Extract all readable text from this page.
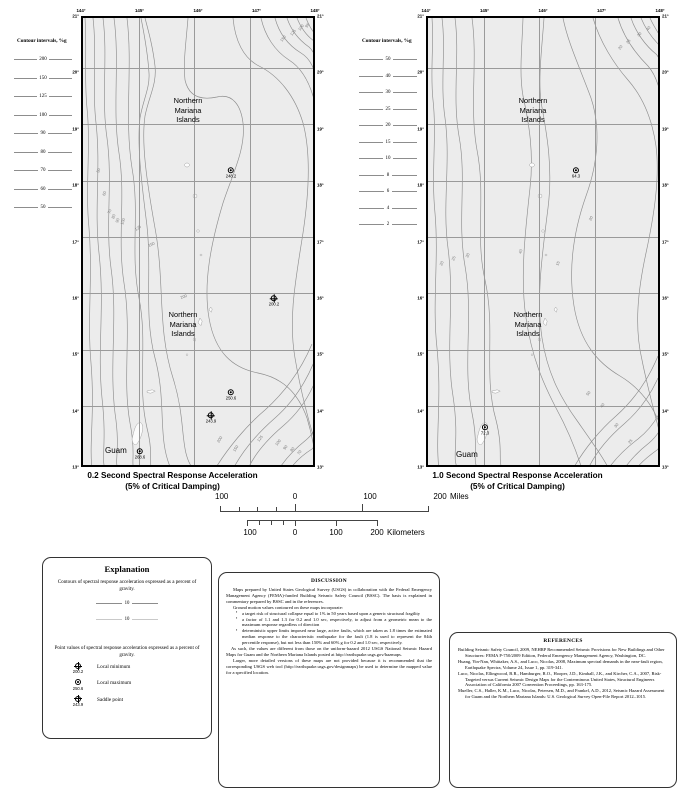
Contour intervals, %g
200
150
125
100
90
80
70
60
50
Northern
Mariana
Islands
Northern
Mariana
Islands
Guam
248.2
200.2
250.6
243.9
268.6
150
125
100
95
50
60
70
80
90
100
125
150
200
200
150
125 100
90 80 70
144°	145°	146°	147°	148°
21°
20°
19°
18°
17°
16°
15°
14°
13°
21°
20°
19°
18°
17°
16°
15°
14°
13°
0.2 Second Spectral Response Acceleration
(5% of Critical Damping)
Contour intervals, %g
50
40
30
25
20
15
10
8
6
4
2
Northern
Mariana
Islands
Northern
Mariana
Islands
Guam
64.3
72.3
20
25
30
40
20
25 30
40
15
20
50
40
30
25
144°	145°	146°	147°	148°
21°
20°
19°
18°
17°
16°
15°
14°
13°
21°
20°
19°
18°
17°
16°
15°
14°
13°
1.0 Second Spectral Response Acceleration
(5% of Critical Damping)
100	0	100	200 Miles
100	0	100	200 Kilometers
Explanation
Contours of spectral response acceleration expressed as a percent of gravity.
10
10
Point values of spectral response acceleration expressed as a percent of gravity.
200.2
Local minimum
250.6
Local maximum
243.9
Saddle point
DISCUSSION

Maps prepared by United States Geological Survey (USGS) in collaboration with the Federal Emergency Management Agency (FEMA)-funded Building Seismic Safety Council (BSSC). The basis is explained in commentary prepared by BSSC and in the references.

Ground motion values contoured on these maps incorporate:

▪ a target risk of structural collapse equal to 1% in 50 years based upon a generic structural fragility
▪ a factor of 1.1 and 1.3 for 0.2 and 1.0 sec, respectively, to adjust from a geometric mean to the maximum response regardless of direction
▪ deterministic upper limits imposed near large, active faults, which are taken as 1.8 times the estimated median response to the characteristic earthquake for the fault (1.8 is used to represent the 84th percentile response), but not less than 150% and 60% g for 0.2 and 1.0 sec, respectively.

As such, the values are different from those on the uniform-hazard 2012 USGS National Seismic Hazard Maps for Guam and the Northern Mariana Islands posted at http://earthquake.usgs.gov/hazmaps.

Larger, more detailed versions of these maps are not provided because it is recommended that the corresponding USGS web tool (http://earthquake.usgs.gov/designmaps) be used to determine the mapped value for a specified location.

REFERENCES

Building Seismic Safety Council, 2009, NEHRP Recommended Seismic Provisions for New Buildings and Other Structures: FEMA P-750/2009 Edition, Federal Emergency Management Agency, Washington, DC.

Huang, Yin-Nan, Whittaker, A.S., and Luco, Nicolas, 2008, Maximum spectral demands in the near-fault region, Earthquake Spectra, Volume 24, Issue 1, pp. 319-341.

Luco, Nicolas, Ellingwood, B.R., Hamburger, R.O., Hooper, J.D., Kimball, J.K., and Kircher, C.A., 2007, Risk-Targeted versus Current Seismic Design Maps for the Conterminous United States, Structural Engineers Association of California 2007 Convention Proceedings, pp. 163-175.

Mueller, C.S., Haller, K.M., Luco, Nicolas, Petersen, M.D., and Frankel, A.D., 2012, Seismic Hazard Assessment for Guam and the Northern Mariana Islands: U.S. Geological Survey Open-File Report 2012–1015.
